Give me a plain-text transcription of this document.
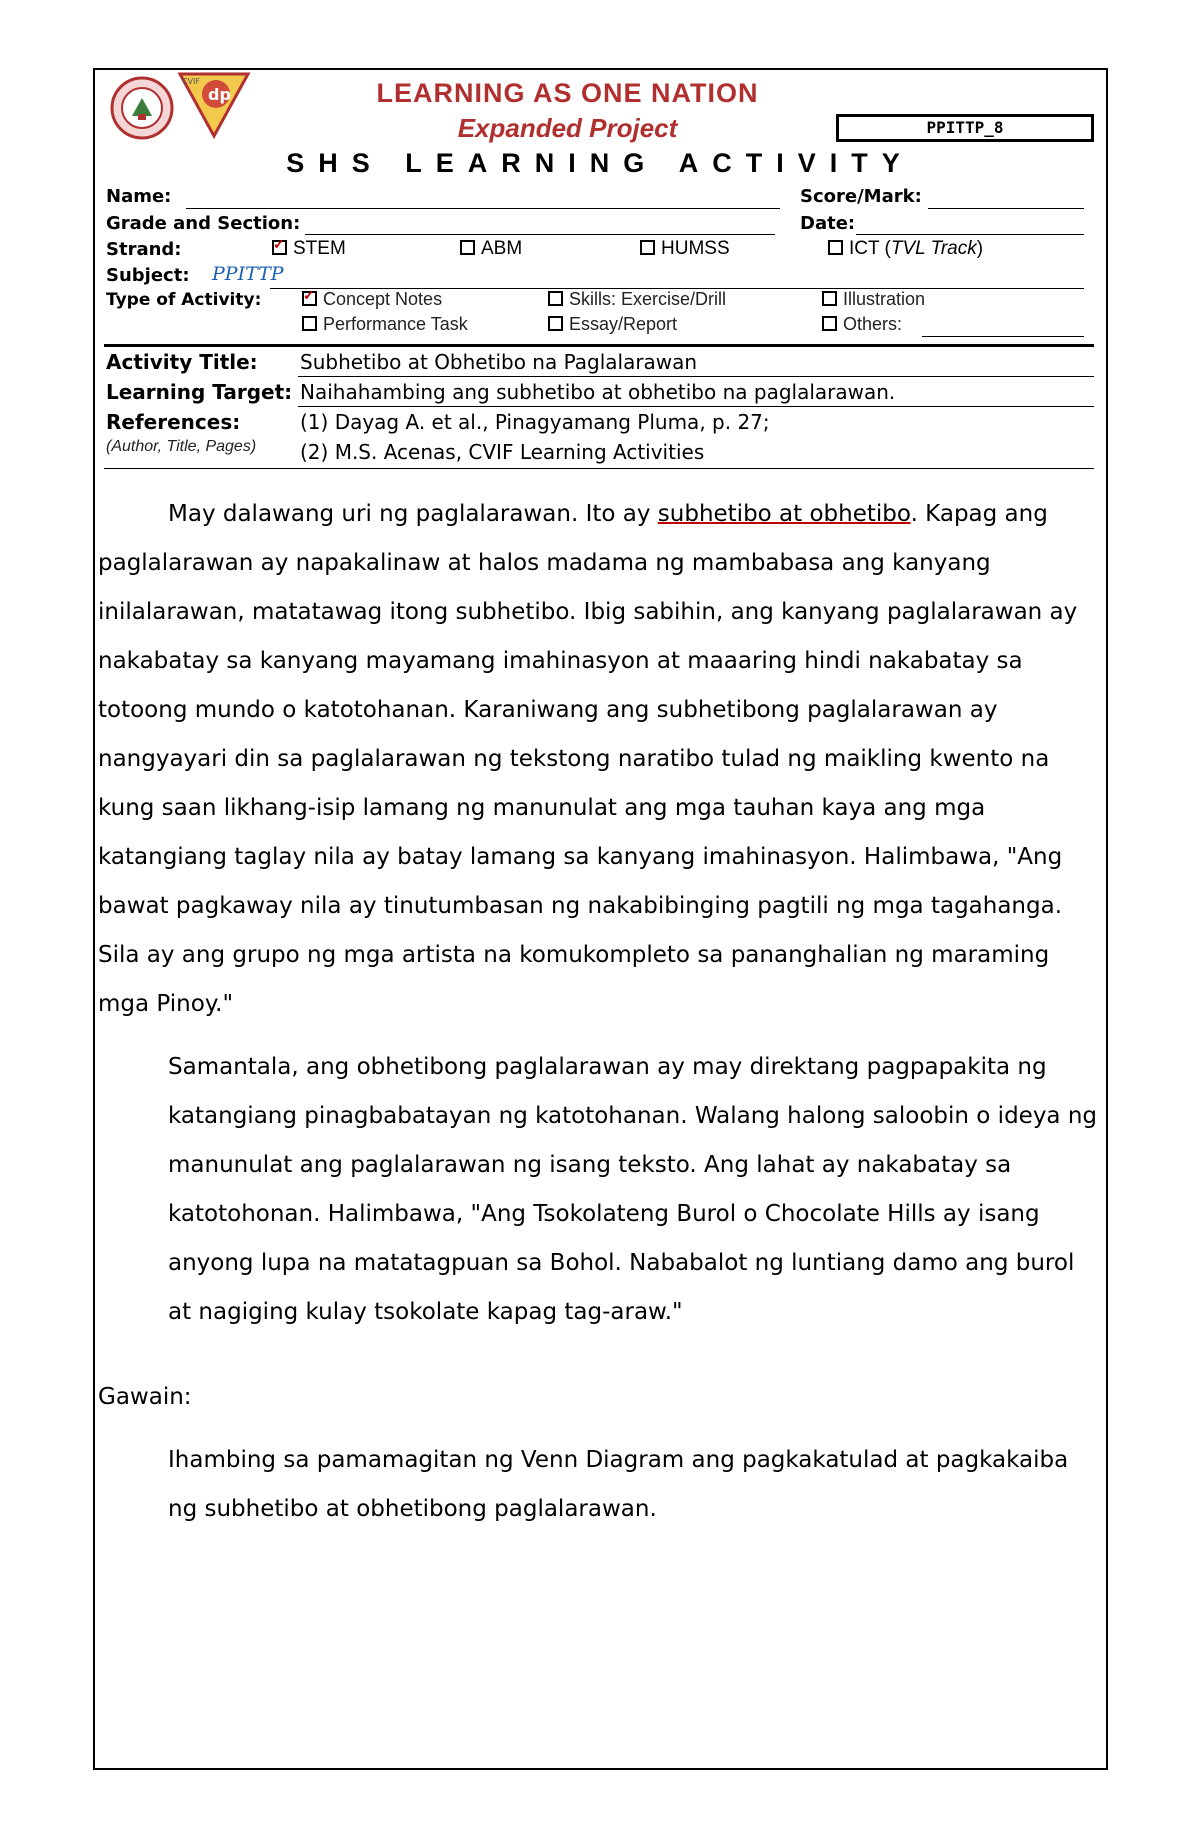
dp
CVIF	LEARNING AS ONE NATION
Expanded Project	PPITTP_8
SHS LEARNING ACTIVITY
Name:	Score/Mark:
Grade and Section:	Date:
Strand: ✓	STEM	ABM	HUMSS	ICT (TVL Track)
Subject: PPITTP
Type of Activity: ✓	Concept Notes	Skills: Exercise/Drill	Illustration
Performance Task	Essay/Report	Others:
Activity Title: Subhetibo at Obhetibo na Paglalarawan
Learning Target: Naihahambing ang subhetibo at obhetibo na paglalarawan.
References:
(Author, Title, Pages)
(1) Dayag A. et al., Pinagyamang Pluma, p. 27;
(2) M.S. Acenas, CVIF Learning Activities

May dalawang uri ng paglalarawan. Ito ay subhetibo at obhetibo. Kapag ang paglalarawan ay napakalinaw at halos madama ng mambabasa ang kanyang inilalarawan, matatawag itong subhetibo. Ibig sabihin, ang kanyang paglalarawan ay nakabatay sa kanyang mayamang imahinasyon at maaaring hindi nakabatay sa totoong mundo o katotohanan. Karaniwang ang subhetibong paglalarawan ay nangyayari din sa paglalarawan ng tekstong naratibo tulad ng maikling kwento na kung saan likhang-isip lamang ng manunulat ang mga tauhan kaya ang mga katangiang taglay nila ay batay lamang sa kanyang imahinasyon. Halimbawa, "Ang bawat pagkaway nila ay tinutumbasan ng nakabibinging pagtili ng mga tagahanga. Sila ay ang grupo ng mga artista na komukompleto sa pananghalian ng maraming mga Pinoy."

Samantala, ang obhetibong paglalarawan ay may direktang pagpapakita ng katangiang pinagbabatayan ng katotohanan. Walang halong saloobin o ideya ng manunulat ang paglalarawan ng isang teksto. Ang lahat ay nakabatay sa katotohonan. Halimbawa, "Ang Tsokolateng Burol o Chocolate Hills ay isang anyong lupa na matatagpuan sa Bohol. Nababalot ng luntiang damo ang burol at nagiging kulay tsokolate kapag tag-araw."

Gawain:

Ihambing sa pamamagitan ng Venn Diagram ang pagkakatulad at pagkakaiba ng subhetibo at obhetibong paglalarawan.
